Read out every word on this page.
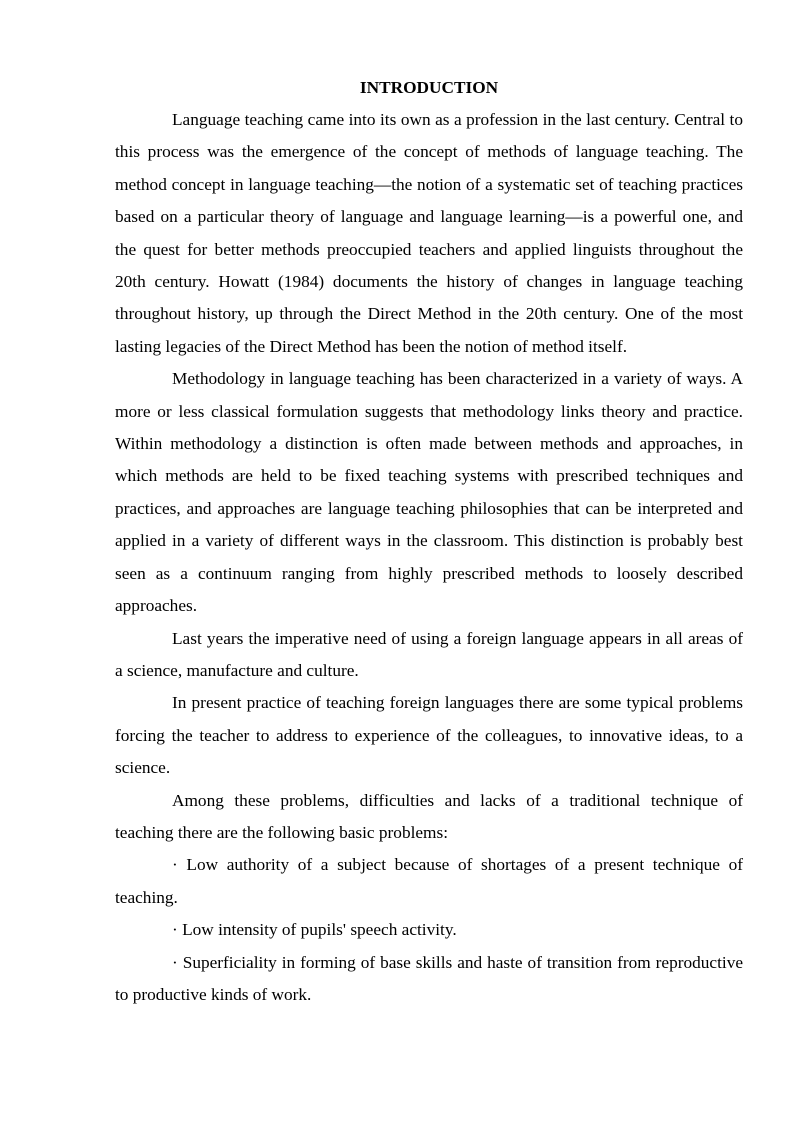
INTRODUCTION

Language teaching came into its own as a profession in the last century. Central to this process was the emergence of the concept of methods of language teaching. The method concept in language teaching—the notion of a systematic set of teaching practices based on a particular theory of language and language learning—is a powerful one, and the quest for better methods preoccupied teachers and applied linguists throughout the 20th century. Howatt (1984) documents the history of changes in language teaching throughout history, up through the Direct Method in the 20th century. One of the most lasting legacies of the Direct Method has been the notion of method itself.

Methodology in language teaching has been characterized in a variety of ways. A more or less classical formulation suggests that methodology links theory and practice. Within methodology a distinction is often made between methods and approaches, in which methods are held to be fixed teaching systems with prescribed techniques and practices, and approaches are language teaching philosophies that can be interpreted and applied in a variety of different ways in the classroom. This distinction is probably best seen as a continuum ranging from highly prescribed methods to loosely described approaches.

Last years the imperative need of using a foreign language appears in all areas of a science, manufacture and culture.

In present practice of teaching foreign languages there are some typical problems forcing the teacher to address to experience of the colleagues, to innovative ideas, to a science.

Among these problems, difficulties and lacks of a traditional technique of teaching there are the following basic problems:

· Low authority of a subject because of shortages of a present technique of teaching.

· Low intensity of pupils' speech activity.

· Superficiality in forming of base skills and haste of transition from reproductive to productive kinds of work.
